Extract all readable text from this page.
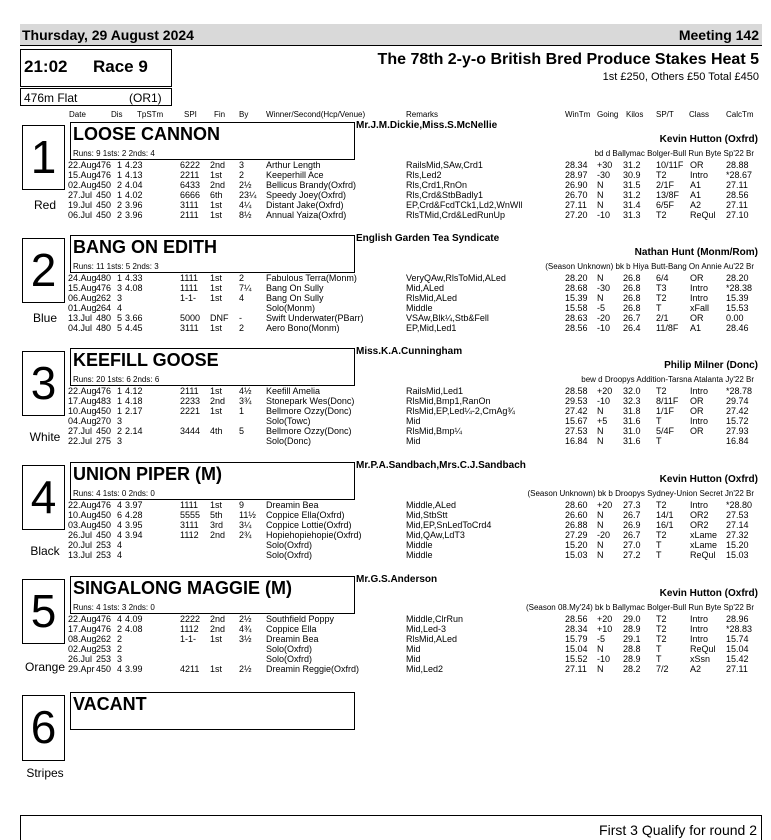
Thursday, 29 August 2024	Meeting 142
21:02 Race 9
476m Flat	(OR1)
The 78th 2-y-o British Bred Produce Stakes Heat 5
1st £250, Others £50 Total £450
Date	Dis TpSTm	SPI Fin By Winner/Second(Hcp/Venue)	Remarks	WinTm Going Kilos SP/T Class CalcTm
1
Red
LOOSE CANNON
Runs: 9 1sts: 2 2nds: 4
Mr.J.M.Dickie,Miss.S.McNellie
Kevin Hutton (Oxfrd)
bd d Ballymac Bolger-Bull Run Byte Sp'22 Br
22.Aug 476 1 4.23	6222 2nd 3 Arthur Length	RailsMid,SAw,Crd1	28.34 +30 31.2 10/11F OR	28.88
15.Aug 476 1 4.13	2211 1st 2 Keeperhill Ace	Rls,Led2	28.97 -30 30.9 T2	Intro *28.67
02.Aug 450 2 4.04	6433 2nd 2½ Bellicus Brandy(Oxfrd)	Rls,Crd1,RnOn	26.90 N 31.5 2/1F A1	27.11
27.Jul 450 1 4.02	6666 6th 23¼ Speedy Joey(Oxfrd)	Rls,Crd&StbBadly1	26.70 N 31.2 13/8F A1	28.56
19.Jul 450 2 3.96	3111 1st 4¼ Distant Jake(Oxfrd)	EP,Crd&FcdTCk1,Ld2,WnWll	27.11 N 31.4 6/5F A2	27.11
06.Jul 450 2 3.96	2111 1st 8½ Annual Yaiza(Oxfrd)	RlsTMid,Crd&LedRunUp	27.20 -10 31.3 T2	ReQul 27.10
2
Blue
BANG ON EDITH
Runs: 11 1sts: 5 2nds: 3
English Garden Tea Syndicate
Nathan Hunt (Monm/Rom)
(Season Unknown) bk b Hiya Butt-Bang On Annie Au'22 Br
24.Aug 480 1 4.33	1111 1st 2 Fabulous Terra(Monm)	VeryQAw,RlsToMid,ALed	28.20 N 26.8 6/4 OR	28.20
15.Aug 476 3 4.08	1111 1st 7¼ Bang On Sully	Mid,ALed	28.68 -30 26.8 T3	Intro *28.38
06.Aug 262 3	1-1- 1st 4 Bang On Sully	RlsMid,ALed	15.39 N 26.8 T2	Intro 15.39
01.Aug 264 4	Solo(Monm)	Middle	15.58 -5 26.8 T	xFall 15.53
13.Jul 480 5 3.66	5000 DNF -	Swift Underwater(PBarr)	VSAw,Blk¼,Stb&Fell	28.63 -20 26.7 2/1 OR	0.00
04.Jul 480 5 4.45	3111 1st 2 Aero Bono(Monm)	EP,Mid,Led1	28.56 -10 26.4 11/8F A1	28.46
3
White
KEEFILL GOOSE
Runs: 20 1sts: 6 2nds: 6
Miss.K.A.Cunningham
Philip Milner (Donc)
bew d Droopys Addition-Tarsna Atalanta Jy'22 Br
22.Aug 476 1 4.12	2111 1st 4½ Keefill Amelia	RailsMid,Led1	28.58 +20 32.0 T2	Intro *28.78
17.Aug 483 1 4.18	2233 2nd 3¾ Stonepark Wes(Donc)	RlsMid,Bmp1,RanOn	29.53 -10 32.3 8/11F OR	29.74
10.Aug 450 1 2.17	2221 1st 1 Bellmore Ozzy(Donc)	RlsMid,EP,Led¼-2,CmAg¾	27.42 N 31.8 1/1F OR	27.42
04.Aug 270 3	Solo(Towc)	Mid	15.67 +5 31.6 T	Intro 15.72
27.Jul 450 2 2.14	3444 4th 5 Bellmore Ozzy(Donc)	RlsMid,Bmp¼	27.53 N 31.0 5/4F OR	27.93
22.Jul 275 3	Solo(Donc)	Mid	16.84 N 31.6 T	16.84
4
Black
UNION PIPER (M)
Runs: 4 1sts: 0 2nds: 0
Mr.P.A.Sandbach,Mrs.C.J.Sandbach
Kevin Hutton (Oxfrd)
(Season Unknown) bk b Droopys Sydney-Union Secret Jn'22 Br
22.Aug 476 4 3.97	1111 1st 9 Dreamin Bea	Middle,ALed	28.60 +20 27.3 T2	Intro *28.80
10.Aug 450 6 4.28	5555 5th 11½ Coppice Ella(Oxfrd)	Mid,StbStt	26.60 N 26.7 14/1 OR2 27.53
03.Aug 450 4 3.95	3111 3rd 3¼ Coppice Lottie(Oxfrd)	Mid,EP,SnLedToCrd4	26.88 N 26.9 16/1 OR2 27.14
26.Jul 450 4 3.94	1112 2nd 2¾ Hopiehopiehopie(Oxfrd)	Mid,QAw,LdT3	27.29 -20 26.7 T2	xLame 27.32
20.Jul 253 4	Solo(Oxfrd)	Middle	15.20 N 27.0 T	xLame 15.20
13.Jul 253 4	Solo(Oxfrd)	Middle	15.03 N 27.2 T	ReQul 15.03
5
Orange
SINGALONG MAGGIE (M)
Runs: 4 1sts: 3 2nds: 0
Mr.G.S.Anderson
Kevin Hutton (Oxfrd)
(Season 08.My'24) bk b Ballymac Bolger-Bull Run Byte Sp'22 Br
22.Aug 476 4 4.09	2222 2nd 2½ Southfield Poppy	Middle,ClrRun	28.56 +20 29.0 T2	Intro 28.96
17.Aug 476 2 4.08	1112 2nd 4¾ Coppice Ella	Mid,Led-3	28.34 +10 28.9 T2	Intro *28.83
08.Aug 262 2	1-1- 1st 3½ Dreamin Bea	RlsMid,ALed	15.79 -5 29.1 T2	Intro 15.74
02.Aug 253 2	Solo(Oxfrd)	Mid	15.04 N 28.8 T	ReQul 15.04
26.Jul 253 3	Solo(Oxfrd)	Mid	15.52 -10 28.9 T	xSsn 15.42
29.Apr 450 4 3.99	4211 1st 2½ Dreamin Reggie(Oxfrd)	Mid,Led2	27.11 N 28.2 7/2 A2	27.11
6
Stripes
VACANT
First 3 Qualify for round 2
